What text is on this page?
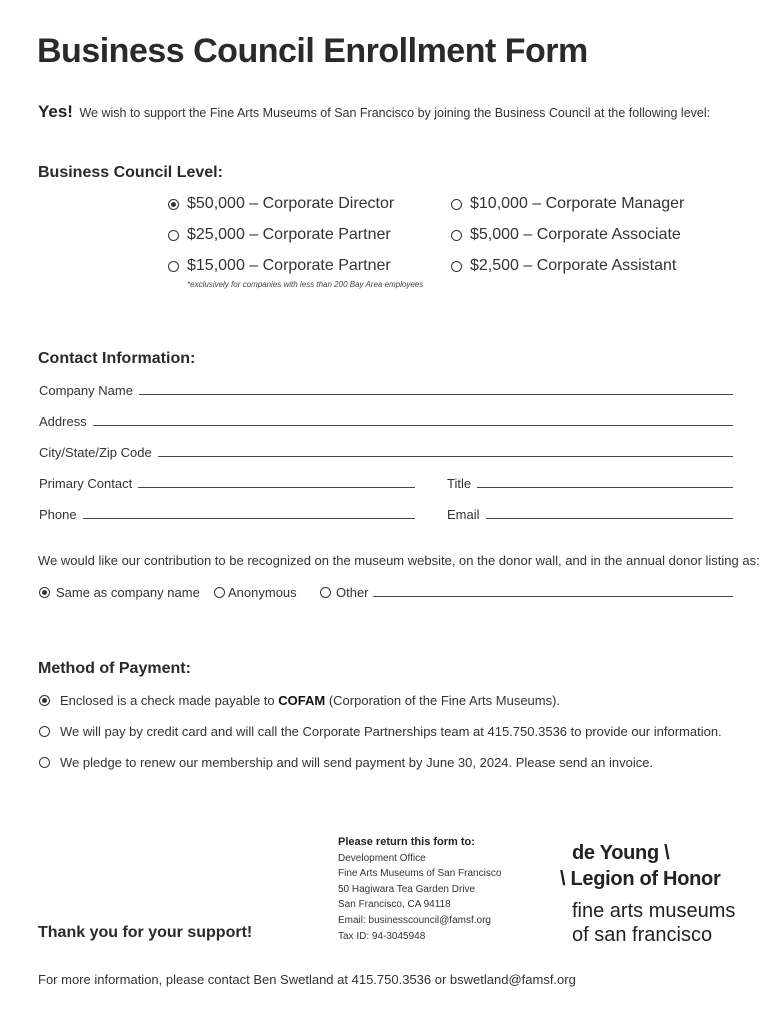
Business Council Enrollment Form
Yes! We wish to support the Fine Arts Museums of San Francisco by joining the Business Council at the following level:
Business Council Level:
$50,000 – Corporate Director
$25,000 – Corporate Partner
$15,000 – Corporate Partner
$10,000 – Corporate Manager
$5,000 – Corporate Associate
$2,500 – Corporate Assistant
*exclusively for companies with less than 200 Bay Area employees
Contact Information:
Company Name
Address
City/State/Zip Code
Primary Contact	Title
Phone	Email
We would like our contribution to be recognized on the museum website, on the donor wall, and in the annual donor listing as:
Same as company name Anonymous	Other
Method of Payment:
Enclosed is a check made payable to COFAM (Corporation of the Fine Arts Museums).
We will pay by credit card and will call the Corporate Partnerships team at 415.750.3536 to provide our information.
We pledge to renew our membership and will send payment by June 30, 2024. Please send an invoice.
Please return this form to:
Development Office
Fine Arts Museums of San Francisco
50 Hagiwara Tea Garden Drive
San Francisco, CA 94118
Email: businesscouncil@famsf.org
Tax ID: 94-3045948
Thank you for your support!
de Young \
\ Legion of Honor
fine arts museums
of san francisco
For more information, please contact Ben Swetland at 415.750.3536 or bswetland@famsf.org
